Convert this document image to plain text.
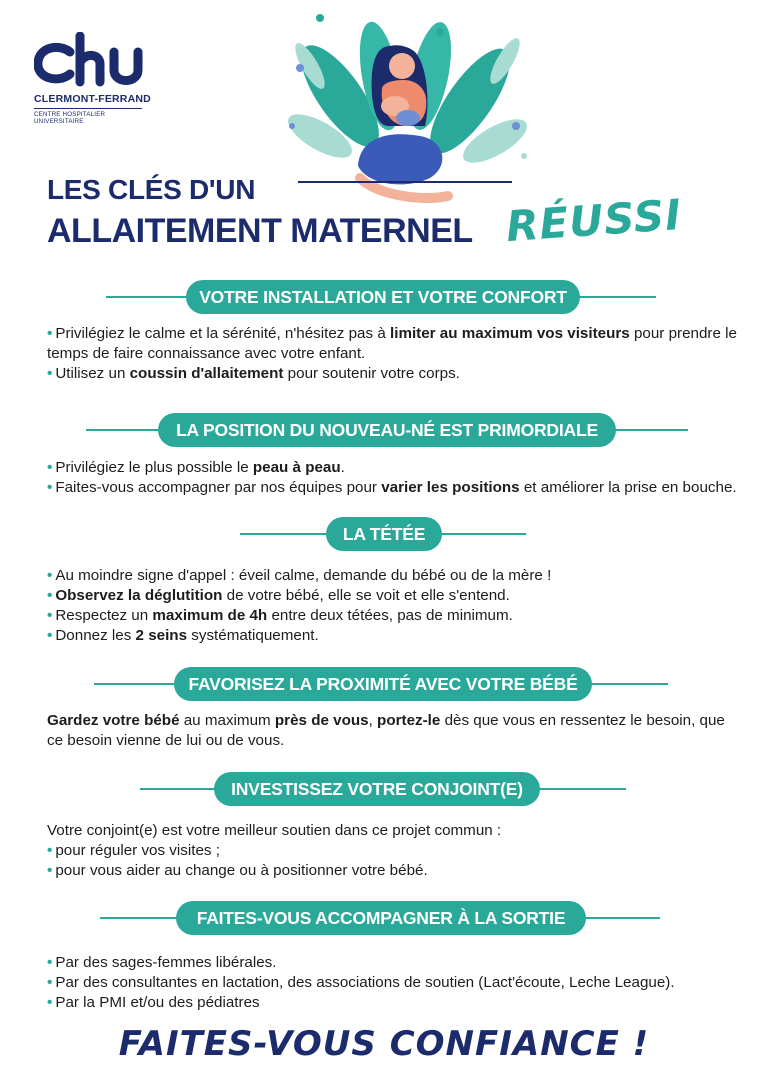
CLERMONT-FERRAND
CENTRE HOSPITALIER UNIVERSITAIRE
LES CLÉS D'UN
ALLAITEMENT MATERNEL RÉUSSI
VOTRE INSTALLATION ET VOTRE CONFORT

• Privilégiez le calme et la sérénité, n'hésitez pas à limiter au maximum vos visiteurs pour prendre le temps de faire connaissance avec votre enfant.

• Utilisez un coussin d'allaitement pour soutenir votre corps.

LA POSITION DU NOUVEAU-NÉ EST PRIMORDIALE

• Privilégiez le plus possible le peau à peau.

• Faites-vous accompagner par nos équipes pour varier les positions et améliorer la prise en bouche.

LA TÉTÉE

• Au moindre signe d'appel : éveil calme, demande du bébé ou de la mère !

• Observez la déglutition de votre bébé, elle se voit et elle s'entend.

• Respectez un maximum de 4h entre deux tétées, pas de minimum.

• Donnez les 2 seins systématiquement.

FAVORISEZ LA PROXIMITÉ AVEC VOTRE BÉBÉ

Gardez votre bébé au maximum près de vous, portez-le dès que vous en ressentez le besoin, que ce besoin vienne de lui ou de vous.

INVESTISSEZ VOTRE CONJOINT(E)

Votre conjoint(e) est votre meilleur soutien dans ce projet commun :

• pour réguler vos visites ;

• pour vous aider au change ou à positionner votre bébé.

FAITES-VOUS ACCOMPAGNER À LA SORTIE

• Par des sages-femmes libérales.

• Par des consultantes en lactation, des associations de soutien (Lact'écoute, Leche League).

• Par la PMI et/ou des pédiatres

FAITES-VOUS CONFIANCE !
